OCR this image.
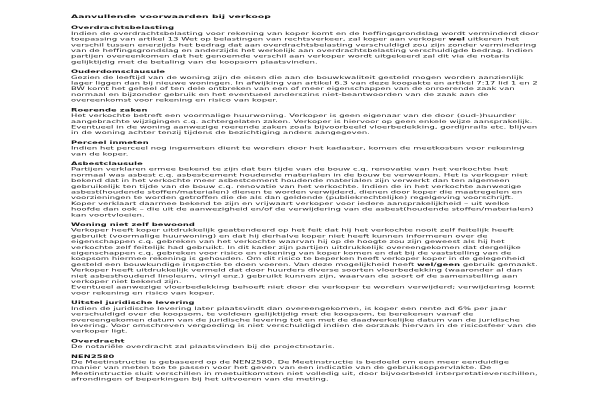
Aanvullende voorwaarden bij verkoop
Overdrachtsbelasting

Indien de overdrachtsbelasting voor rekening van koper komt en de heffingsgrondslag wordt verminderd door toepassing van artikel 13 Wet op belastingen van rechtsverkeer, zal koper aan verkoper wel uitkeren het verschil tussen enerzijds het bedrag dat aan overdrachtsbelasting verschuldigd zou zijn zonder vermindering van de heffingsgrondslag en anderzijds het werkelijk aan overdrachtsbelasting verschuldigde bedrag. Indien partijen overeenkomen dat het genoemde verschil aan verkoper wordt uitgekeerd zal dit via de notaris gelijktijdig met de betaling van de koopsom plaatsvinden.

Ouderdomsclausule

Gezien de leeftijd van de woning zijn de eisen die aan de bouwkwaliteit gesteld mogen worden aanzienlijk lager liggen dan bij nieuwe woningen. In afwijking van artikel 6.3 van deze koopakte en artikel 7:17 lid 1 en 2 BW komt het geheel of ten dele ontbreken van een of meer eigenschappen van de onroerende zaak van normaal en bijzonder gebruik en het eventueel anderszins niet-beantwoorden van de zaak aan de overeenkomst voor rekening en risico van koper.

Roerende zaken

Het verkochte betreft een voormalige huurwoning. Verkoper is geen eigenaar van de door (oud-)huurder aangebrachte wijzigingen c.q. achtergelaten zaken. Verkoper is hiervoor op geen enkele wijze aansprakelijk. Eventueel in de woning aanwezige roerende zaken zoals bijvoorbeeld vloerbedekking, gordijnrails etc. blijven in de woning achter tenzij tijdens de bezichtiging anders aangegeven.

Perceel inmeten

Indien het perceel nog ingemeten dient te worden door het kadaster, komen de meetkosten voor rekening van de koper.

Asbestclausule

Partijen verklaren ermee bekend te zijn dat ten tijde van de bouw c.q. renovatie van het verkochte het normaal was asbest c.q. asbestcement houdende materialen in de bouw te verwerken. Het is verkoper niet bekend dat in het verkochte meer asbestcement houdende materialen zijn verwerkt dan ten algemeen gebruikelijk ten tijde van de bouw c.q. renovatie van het verkochte. Indien de in het verkochte aanwezige asbest(houdende stoffen/materialen) dienen te worden verwijderd, dienen door koper die maatregelen en voorzieningen te worden getroffen die de als dan geldende (publiekrechtelijke) regelgeving voorschrijft. Koper verklaart daarmee bekend te zijn en vrijwaart verkoper voor iedere aansprakelijkheid – uit welke hoofde dan ook – die uit de aanwezigheid en/of de verwijdering van de asbest(houdende stoffen/materialen) kan voortvloeien.

Woning niet zelf bewoond

Verkoper heeft koper uitdrukkelijk geattendeerd op het feit dat hij het verkochte nooit zelf feitelijk heeft gebruikt (voormalige huurwoning) en dat hij derhalve koper niet heeft kunnen informeren over de eigenschappen c.q. gebreken van het verkochte waarvan hij op de hoogte zou zijn geweest als hij het verkochte zelf feitelijk had gebruikt. In dit kader zijn partijen uitdrukkelijk overeengekomen dat dergelijke eigenschappen c.q. gebreken voor risico en rekening van koper komen en dat bij de vaststelling van de koopsom hiermee rekening is gehouden. Om dit risico te beperken heeft verkoper koper in de gelegenheid gesteld een bouwkundige inspectie te doen voeren. Van deze mogelijkheid heeft wel/geen gebruik gemaakt. Verkoper heeft uitdrukkelijk vermeld dat door huurders diverse soorten vloerbedekking (waaronder al dan niet asbesthoudend linoleum, vinyl enz.) gebruikt kunnen zijn, waarvan de soort of de samenstelling aan verkoper niet bekend zijn.

Eventueel aanwezige vloerbedekking behoeft niet door de verkoper te worden verwijderd; verwijdering komt voor rekening en risico van koper.

Uitstel juridische levering

Indien de juridische levering later plaatsvindt dan overeengekomen, is koper een rente ad 6% per jaar verschuldigd over de koopsom, te voldoen gelijktijdig met de koopsom, te berekenen vanaf de overeengekomen datum van de juridische levering tot en met de daadwerkelijke datum van de juridische levering. Voor omschreven vergoeding is niet verschuldigd indien de oorzaak hiervan in de risicosfeer van de verkoper ligt.

Overdracht

De notariële overdracht zal plaatsvinden bij de projectnotaris.

NEN2580

De Meetinstructie is gebaseerd op de NEN2580. De Meetinstructie is bedoeld om een meer eenduidige manier van meten toe te passen voor het geven van een indicatie van de gebruiksoppervlakte. De Meetinstructie sluit verschillen in meetuitkomsten niet volledig uit, door bijvoorbeeld interpretatieverschillen, afrondingen of beperkingen bij het uitvoeren van de meting.
